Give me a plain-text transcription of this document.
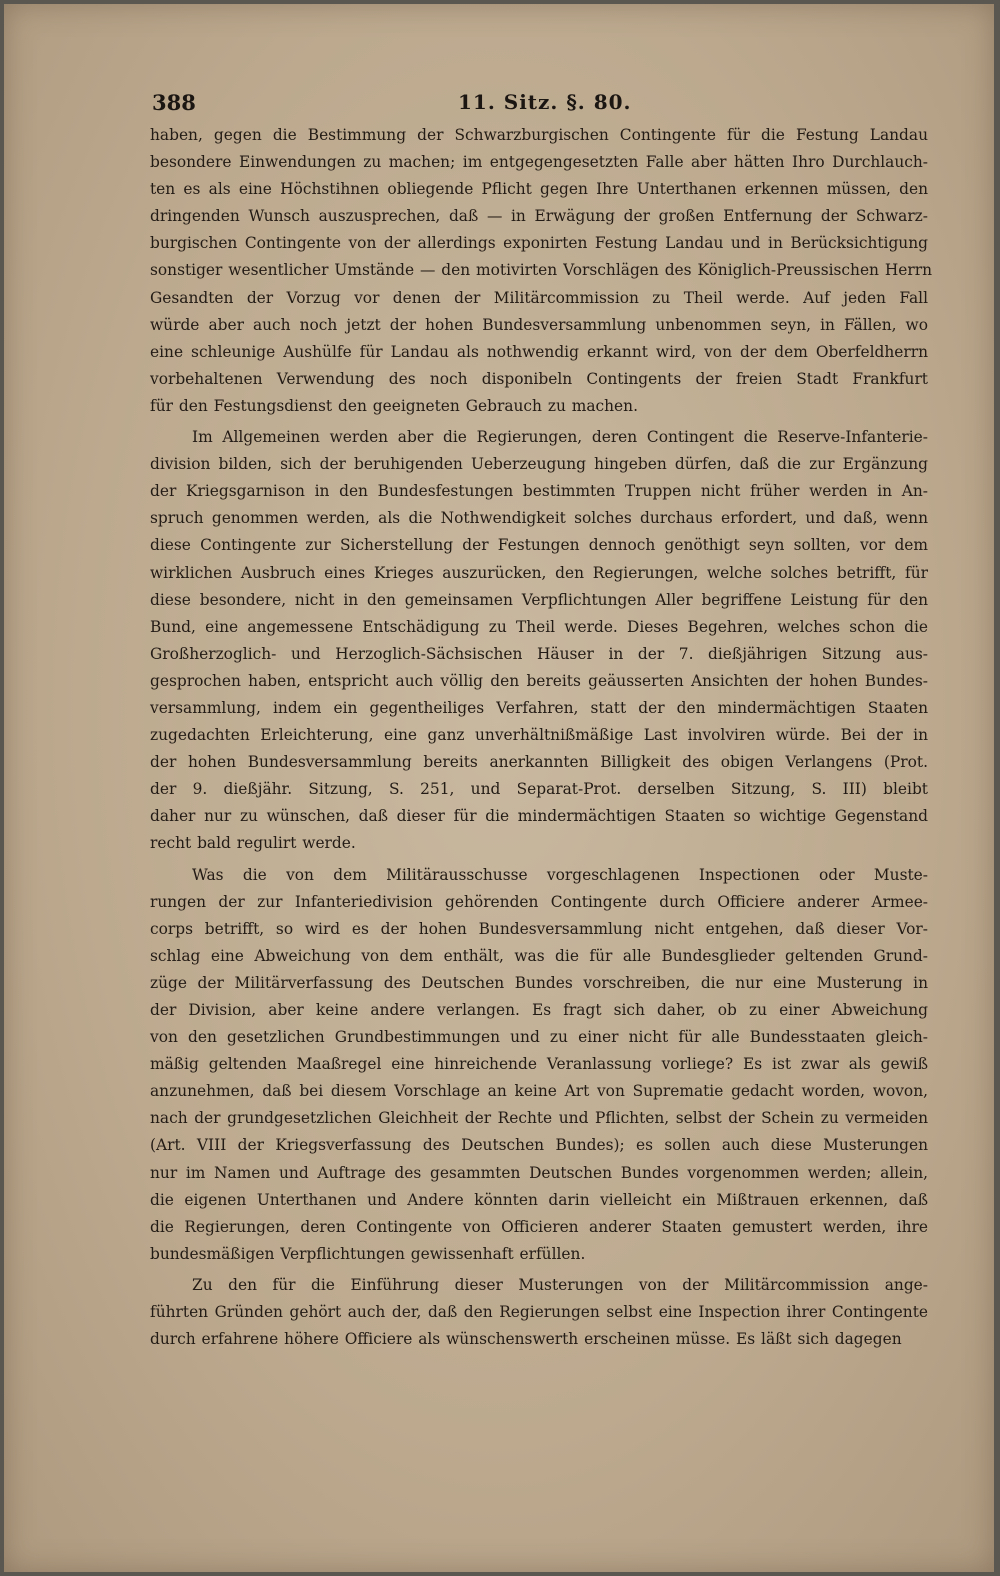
388	11. Sitz. §. 80.
haben, gegen die Bestimmung der Schwarzburgischen Contingente für die Festung Landau
besondere Einwendungen zu machen; im entgegengesetzten Falle aber hätten Ihro Durchlauch-
ten es als eine Höchstihnen obliegende Pflicht gegen Ihre Unterthanen erkennen müssen, den
dringenden Wunsch auszusprechen, daß — in Erwägung der großen Entfernung der Schwarz-
burgischen Contingente von der allerdings exponirten Festung Landau und in Berücksichtigung
sonstiger wesentlicher Umstände — den motivirten Vorschlägen des Königlich-Preussischen Herrn
Gesandten der Vorzug vor denen der Militärcommission zu Theil werde. Auf jeden Fall
würde aber auch noch jetzt der hohen Bundesversammlung unbenommen seyn, in Fällen, wo
eine schleunige Aushülfe für Landau als nothwendig erkannt wird, von der dem Oberfeldherrn
vorbehaltenen Verwendung des noch disponibeln Contingents der freien Stadt Frankfurt
für den Festungsdienst den geeigneten Gebrauch zu machen.
Im Allgemeinen werden aber die Regierungen, deren Contingent die Reserve-Infanterie-
division bilden, sich der beruhigenden Ueberzeugung hingeben dürfen, daß die zur Ergänzung
der Kriegsgarnison in den Bundesfestungen bestimmten Truppen nicht früher werden in An-
spruch genommen werden, als die Nothwendigkeit solches durchaus erfordert, und daß, wenn
diese Contingente zur Sicherstellung der Festungen dennoch genöthigt seyn sollten, vor dem
wirklichen Ausbruch eines Krieges auszurücken, den Regierungen, welche solches betrifft, für
diese besondere, nicht in den gemeinsamen Verpflichtungen Aller begriffene Leistung für den
Bund, eine angemessene Entschädigung zu Theil werde. Dieses Begehren, welches schon die
Großherzoglich- und Herzoglich-Sächsischen Häuser in der 7. dießjährigen Sitzung aus-
gesprochen haben, entspricht auch völlig den bereits geäusserten Ansichten der hohen Bundes-
versammlung, indem ein gegentheiliges Verfahren, statt der den mindermächtigen Staaten
zugedachten Erleichterung, eine ganz unverhältnißmäßige Last involviren würde. Bei der in
der hohen Bundesversammlung bereits anerkannten Billigkeit des obigen Verlangens (Prot.
der 9. dießjähr. Sitzung, S. 251, und Separat-Prot. derselben Sitzung, S. III) bleibt
daher nur zu wünschen, daß dieser für die mindermächtigen Staaten so wichtige Gegenstand
recht bald regulirt werde.
Was die von dem Militärausschusse vorgeschlagenen Inspectionen oder Muste-
rungen der zur Infanteriedivision gehörenden Contingente durch Officiere anderer Armee-
corps betrifft, so wird es der hohen Bundesversammlung nicht entgehen, daß dieser Vor-
schlag eine Abweichung von dem enthält, was die für alle Bundesglieder geltenden Grund-
züge der Militärverfassung des Deutschen Bundes vorschreiben, die nur eine Musterung in
der Division, aber keine andere verlangen. Es fragt sich daher, ob zu einer Abweichung
von den gesetzlichen Grundbestimmungen und zu einer nicht für alle Bundesstaaten gleich-
mäßig geltenden Maaßregel eine hinreichende Veranlassung vorliege? Es ist zwar als gewiß
anzunehmen, daß bei diesem Vorschlage an keine Art von Suprematie gedacht worden, wovon,
nach der grundgesetzlichen Gleichheit der Rechte und Pflichten, selbst der Schein zu vermeiden
(Art. VIII der Kriegsverfassung des Deutschen Bundes); es sollen auch diese Musterungen
nur im Namen und Auftrage des gesammten Deutschen Bundes vorgenommen werden; allein,
die eigenen Unterthanen und Andere könnten darin vielleicht ein Mißtrauen erkennen, daß
die Regierungen, deren Contingente von Officieren anderer Staaten gemustert werden, ihre
bundesmäßigen Verpflichtungen gewissenhaft erfüllen.
Zu den für die Einführung dieser Musterungen von der Militärcommission ange-
führten Gründen gehört auch der, daß den Regierungen selbst eine Inspection ihrer Contingente
durch erfahrene höhere Officiere als wünschenswerth erscheinen müsse. Es läßt sich dagegen
